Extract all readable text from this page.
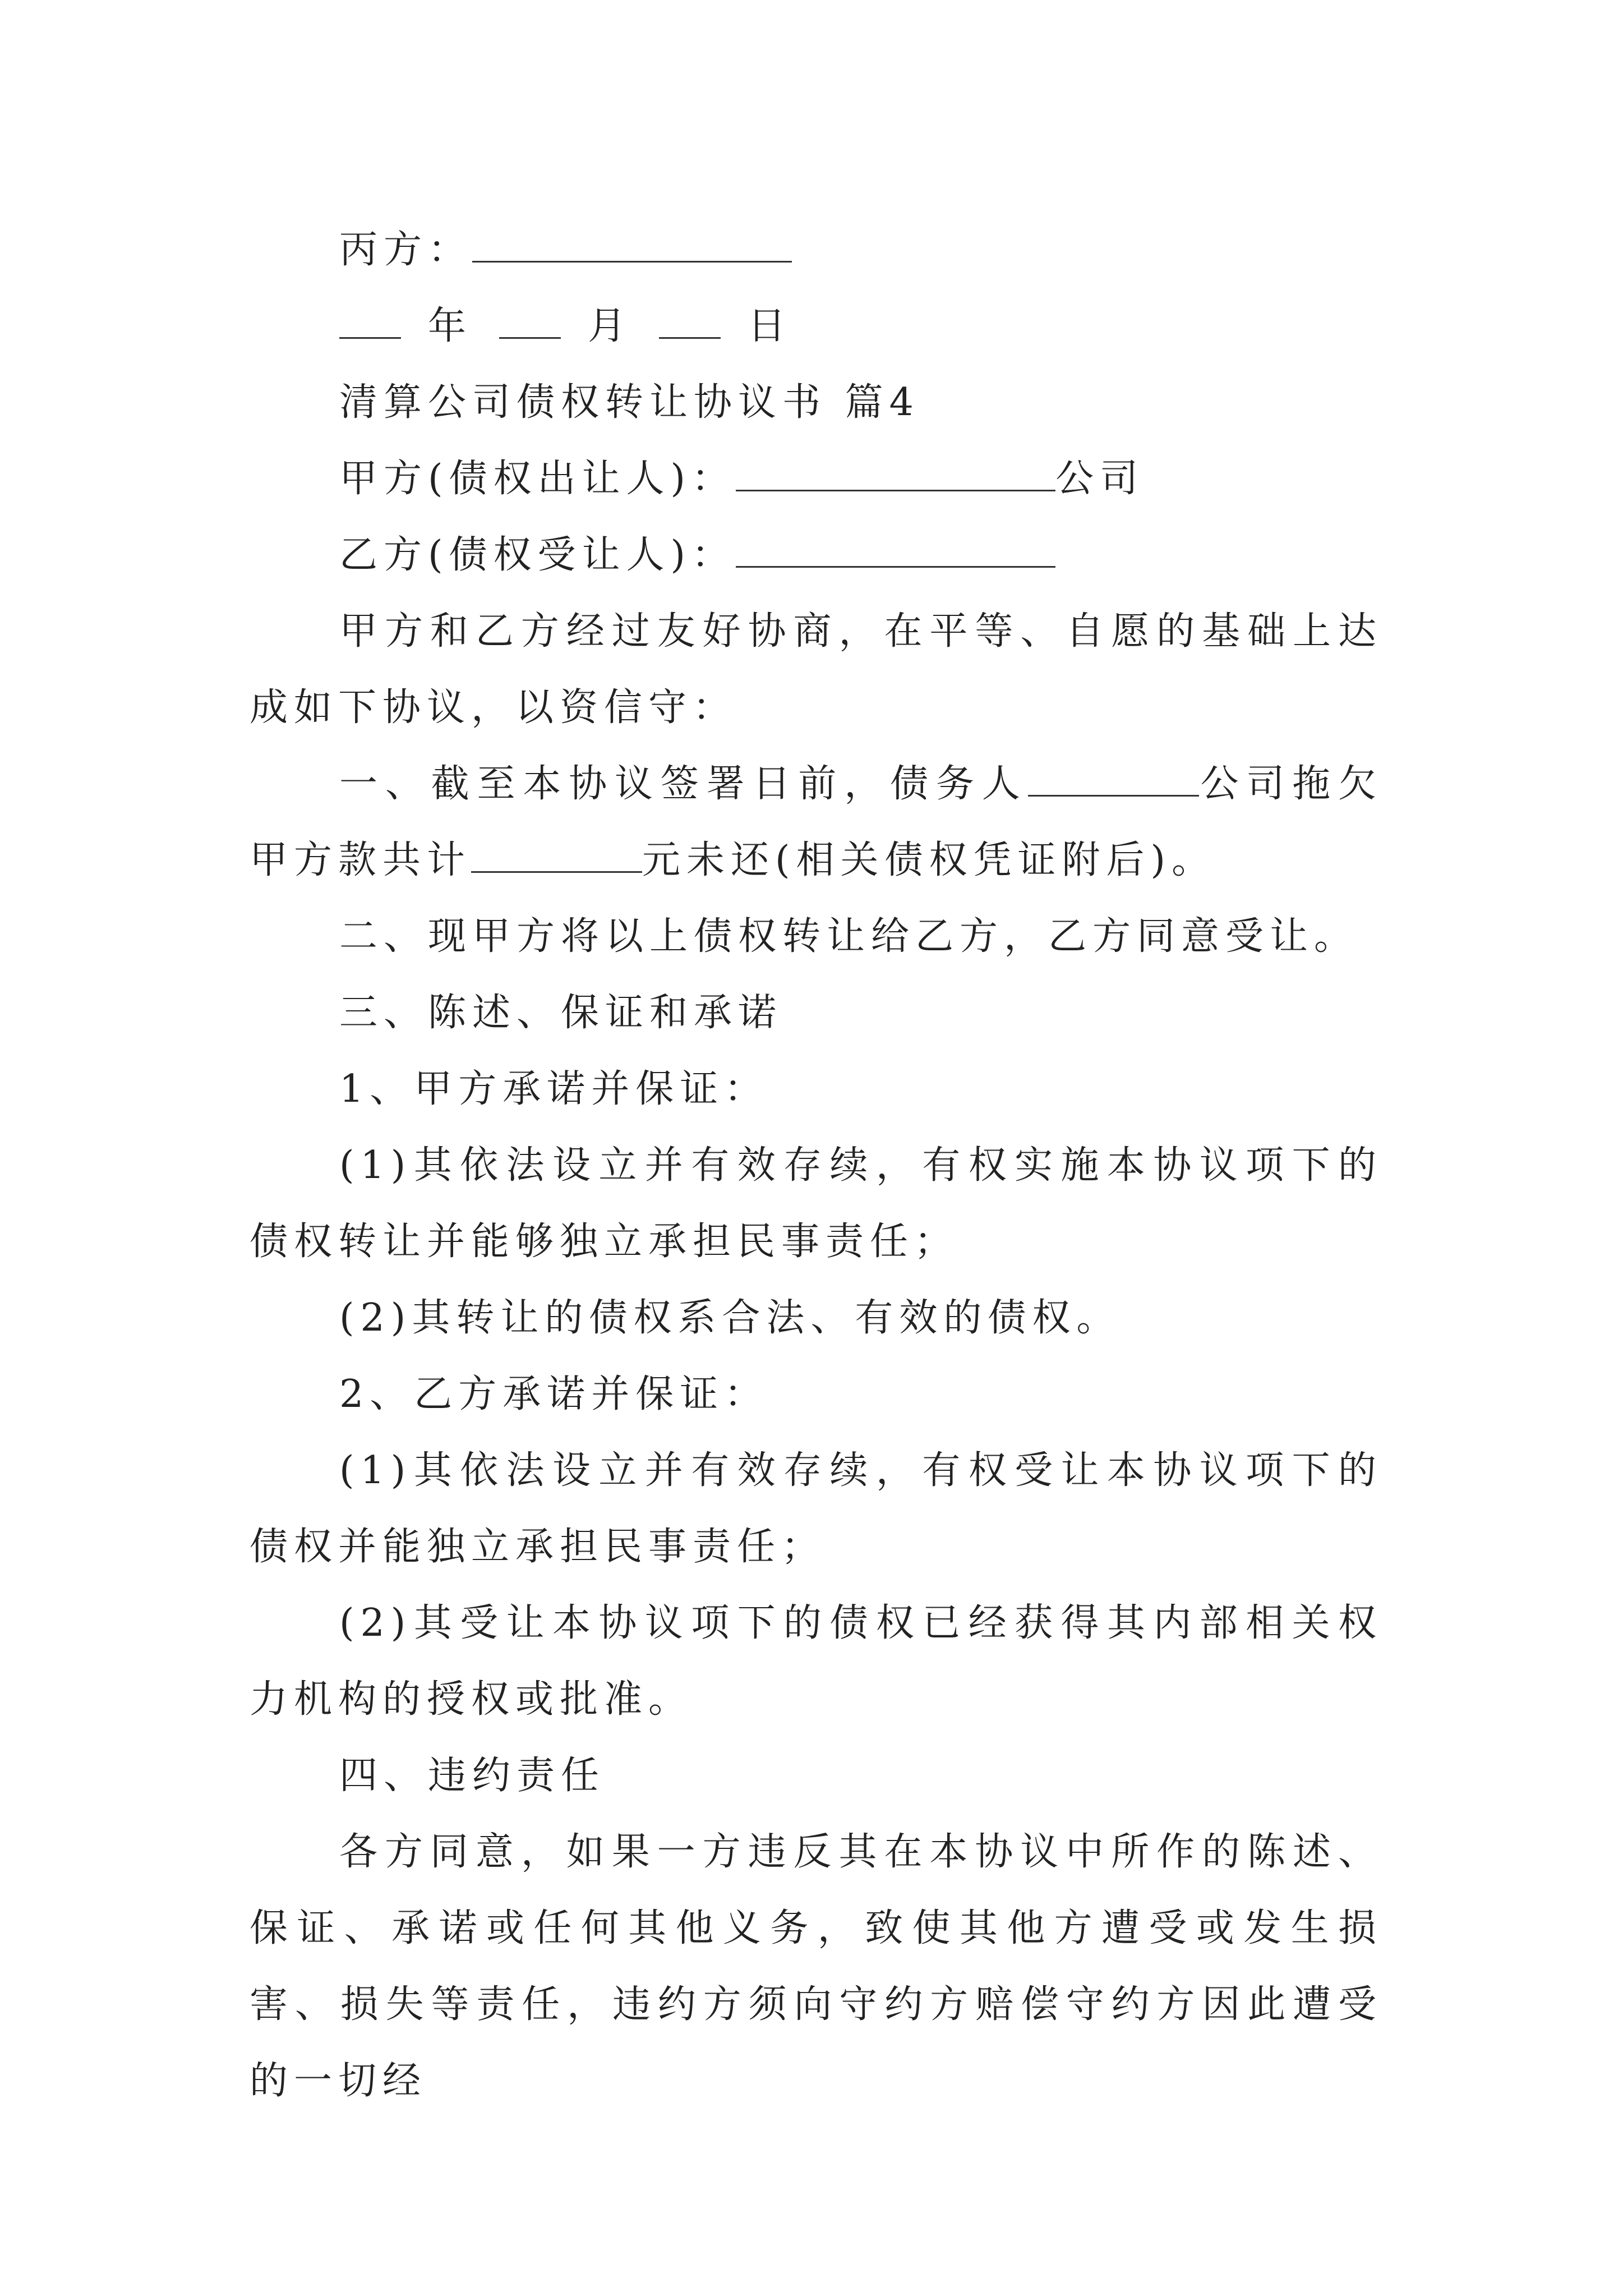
丙方：

年	月	日

清算公司债权转让协议书 篇4

甲方(债权出让人)：	公司

乙方(债权受让人)：

甲方和乙方经过友好协商，在平等、自愿的基础上达成如下协议，以资信守：

一、截至本协议签署日前，债务人	公司拖欠甲方款共计	元未还(相关债权凭证附后)。

二、现甲方将以上债权转让给乙方，乙方同意受让。

三、陈述、保证和承诺

1、甲方承诺并保证：

(1)其依法设立并有效存续，有权实施本协议项下的债权转让并能够独立承担民事责任；

(2)其转让的债权系合法、有效的债权。

2、乙方承诺并保证：

(1)其依法设立并有效存续，有权受让本协议项下的债权并能独立承担民事责任；

(2)其受让本协议项下的债权已经获得其内部相关权力机构的授权或批准。

四、违约责任

各方同意，如果一方违反其在本协议中所作的陈述、保证、承诺或任何其他义务，致使其他方遭受或发生损害、损失等责任，违约方须向守约方赔偿守约方因此遭受的一切经
